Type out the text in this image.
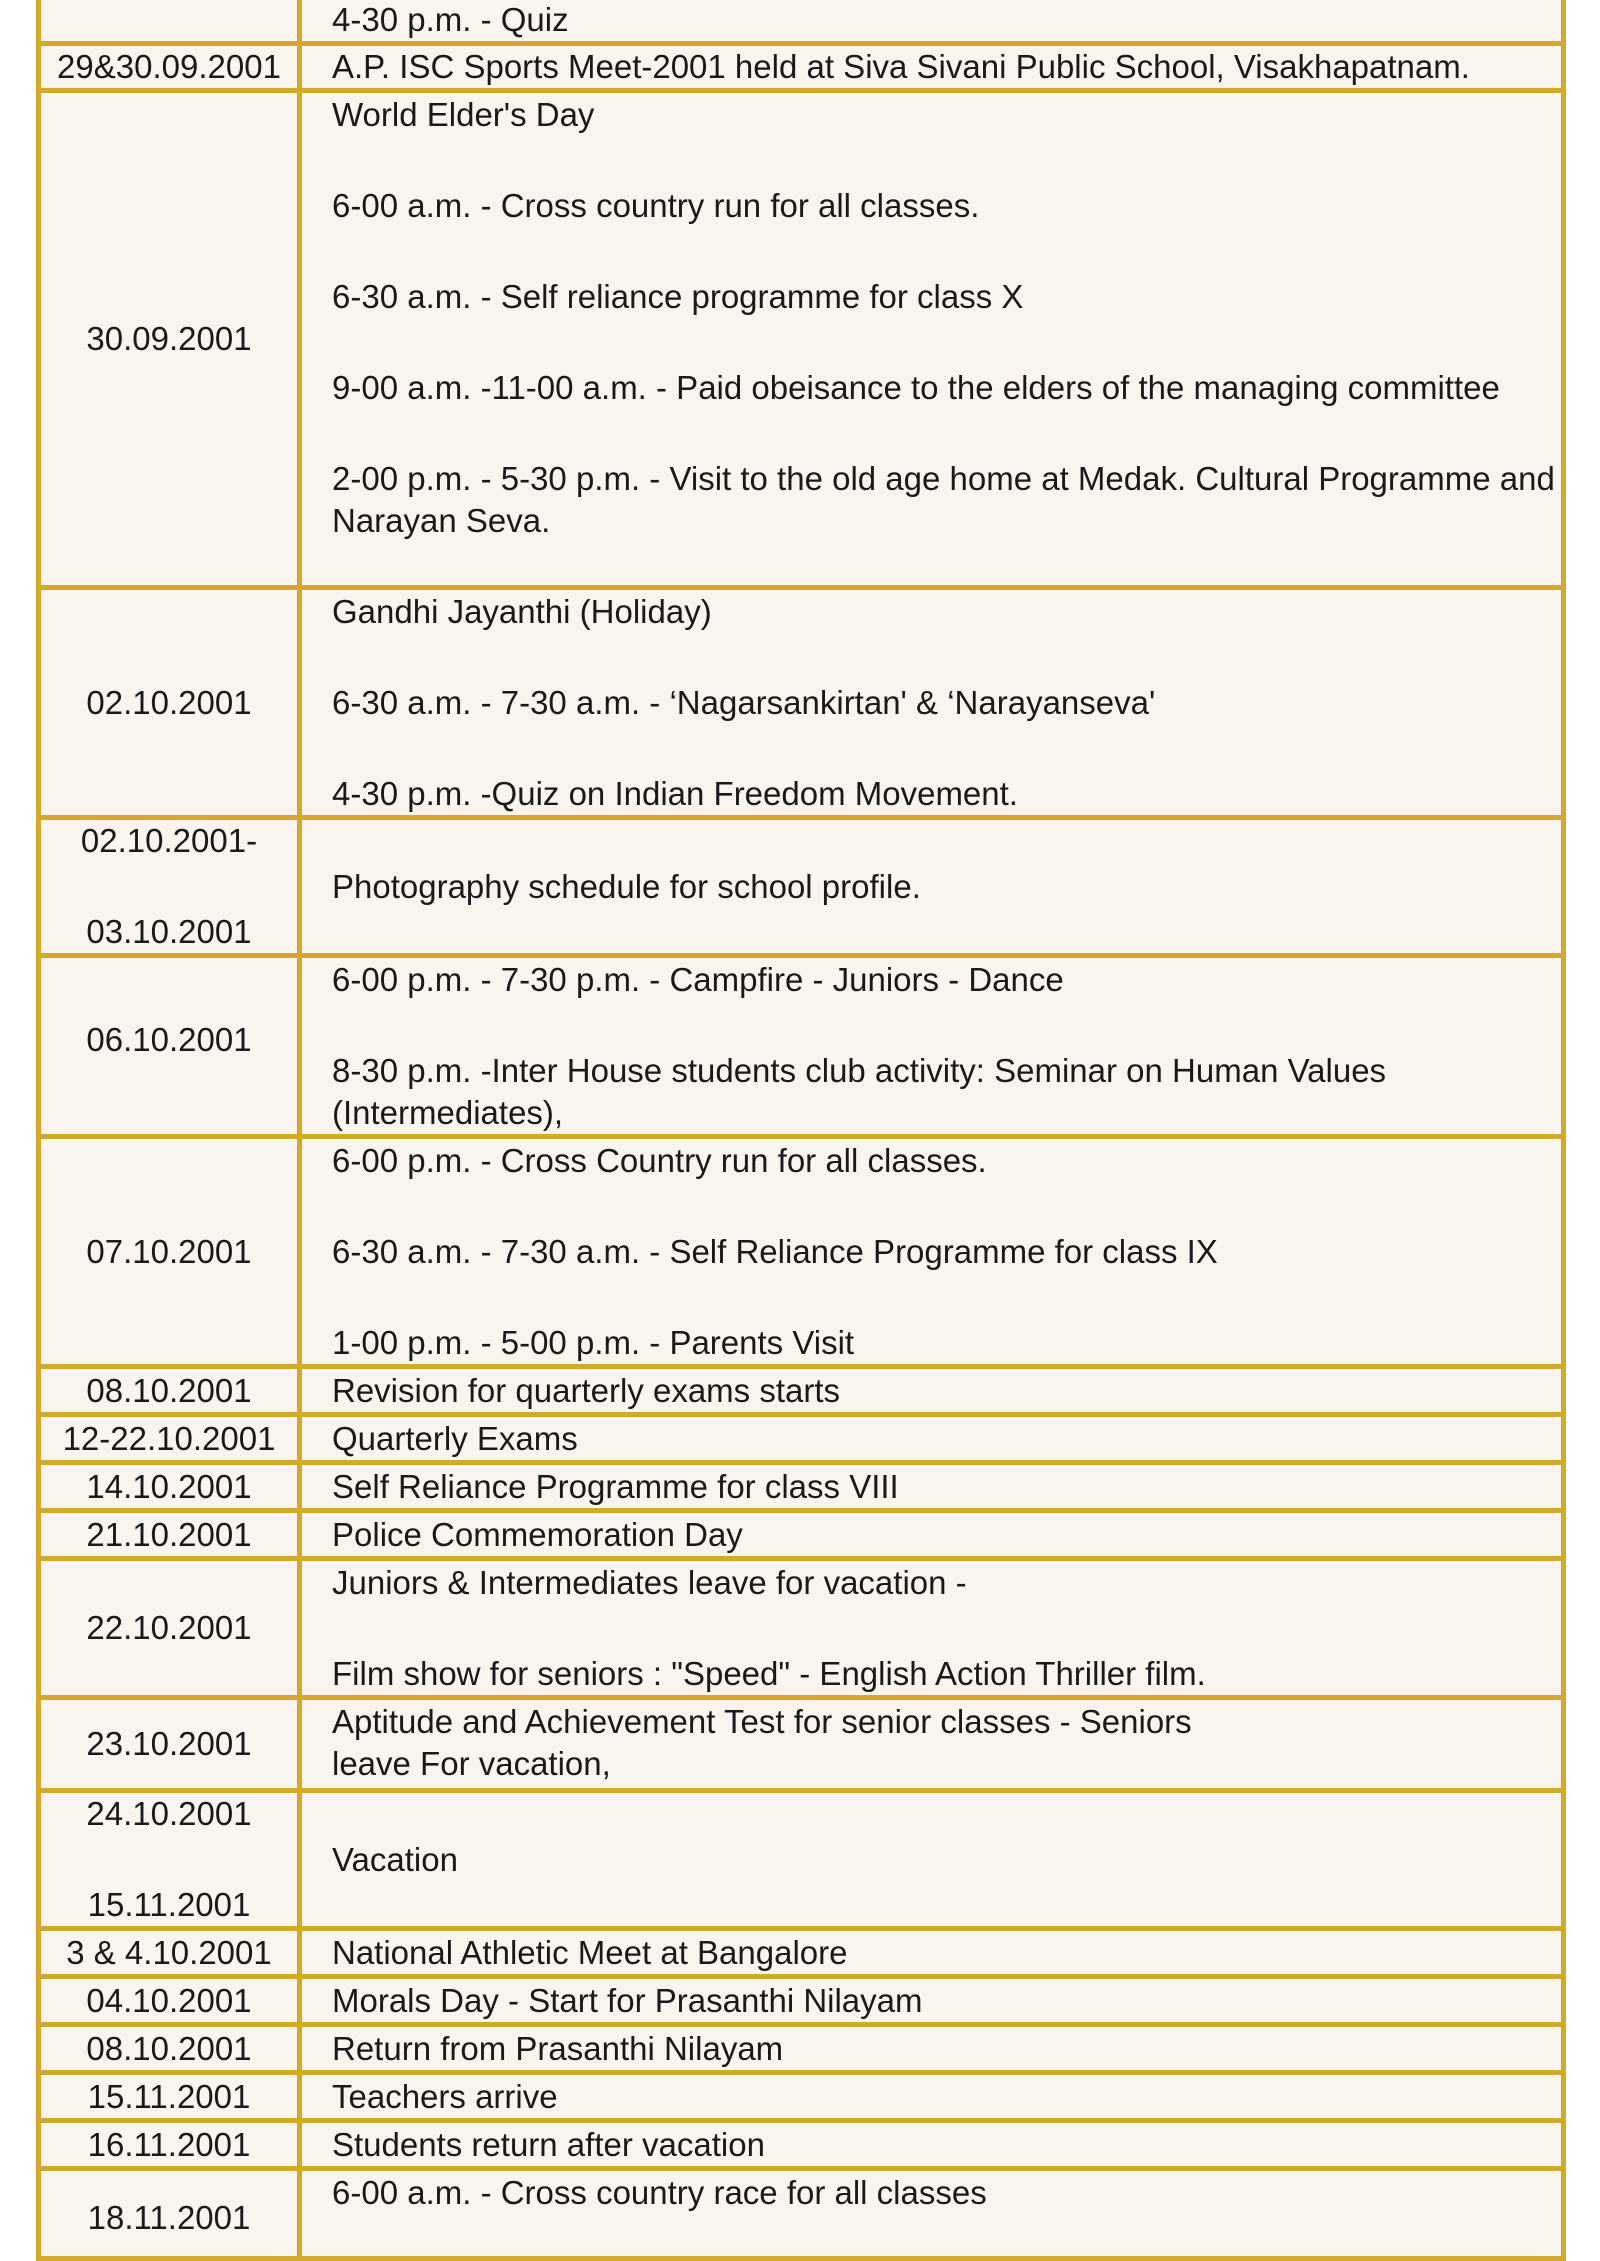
	4-30 p.m. - Quiz

29&30.09.2001	A.P. ISC Sports Meet-2001 held at Siva Sivani Public School, Visakhapatnam.

30.09.2001	World Elder's Day
6-00 a.m. - Cross country run for all classes.
6-30 a.m. - Self reliance programme for class X
9-00 a.m. -11-00 a.m. - Paid obeisance to the elders of the managing committee
2-00 p.m. - 5-30 p.m. - Visit to the old age home at Medak. Cultural Programme and Narayan Seva.

02.10.2001	Gandhi Jayanthi (Holiday)
6-30 a.m. - 7-30 a.m. - ‘Nagarsankirtan' & ‘Narayanseva'
4-30 p.m. -Quiz on Indian Freedom Movement.

02.10.2001-
03.10.2001	Photography schedule for school profile.

06.10.2001	6-00 p.m. - 7-30 p.m. - Campfire - Juniors - Dance
8-30 p.m. -Inter House students club activity: Seminar on Human Values (Intermediates),

07.10.2001	6-00 p.m. - Cross Country run for all classes.
6-30 a.m. - 7-30 a.m. - Self Reliance Programme for class IX
1-00 p.m. - 5-00 p.m. - Parents Visit

08.10.2001	Revision for quarterly exams starts

12-22.10.2001	Quarterly Exams

14.10.2001	Self Reliance Programme for class VIII

21.10.2001	Police Commemoration Day

22.10.2001	Juniors & Intermediates leave for vacation -
Film show for seniors : "Speed" - English Action Thriller film.

23.10.2001	Aptitude and Achievement Test for senior classes - Seniors leave For vacation,

24.10.2001
15.11.2001	Vacation

3 & 4.10.2001	National Athletic Meet at Bangalore

04.10.2001	Morals Day - Start for Prasanthi Nilayam

08.10.2001	Return from Prasanthi Nilayam

15.11.2001	Teachers arrive

16.11.2001	Students return after vacation

18.11.2001	6-00 a.m. - Cross country race for all classes
